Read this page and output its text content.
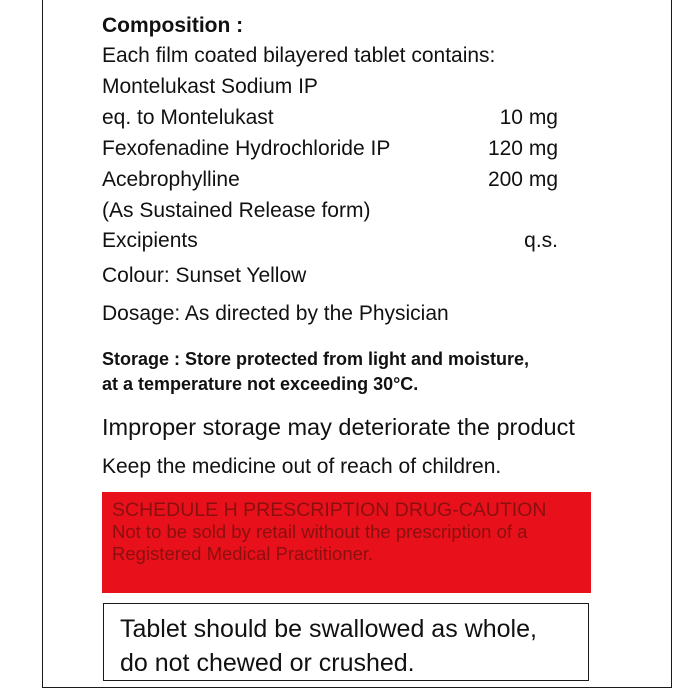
Composition :
Each film coated bilayered tablet contains:
Montelukast Sodium IP
eq. to Montelukast	10 mg
Fexofenadine Hydrochloride IP	120 mg
Acebrophylline	200 mg
(As Sustained Release form)
Excipients	q.s.
Colour: Sunset Yellow
Dosage: As directed by the Physician
Storage : Store protected from light and moisture,
at a temperature not exceeding 30°C.
Improper storage may deteriorate the product
Keep the medicine out of reach of children.
SCHEDULE H PRESCRIPTION DRUG-CAUTION
Not to be sold by retail without the prescription of a
Registered Medical Practitioner.
Tablet should be swallowed as whole,
do not chewed or crushed.
